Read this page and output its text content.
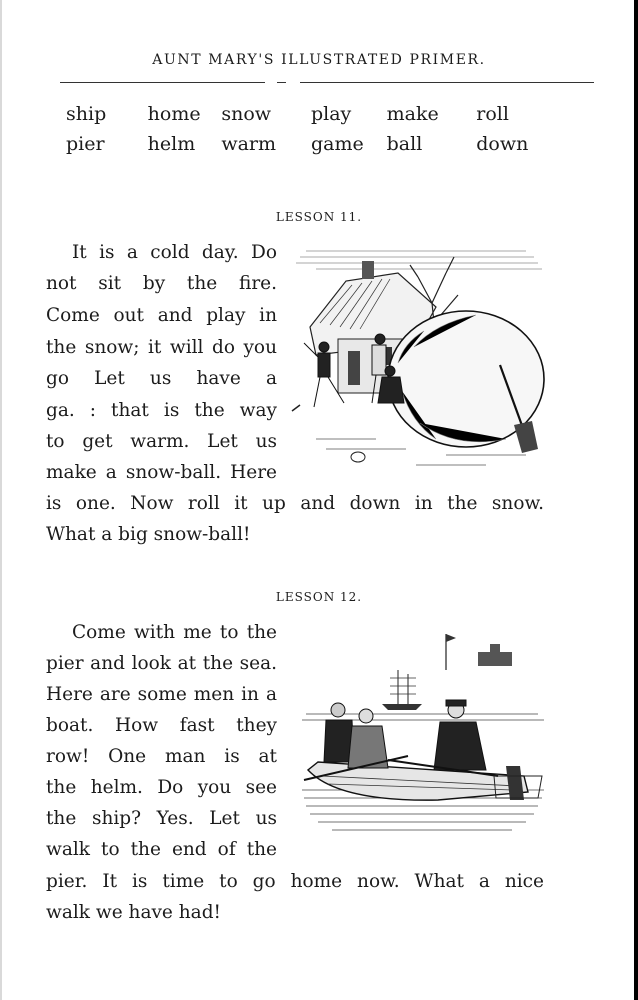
AUNT MARY'S ILLUSTRATED PRIMER.
ship	home	snow	play	make	roll
pier	helm	warm	game	ball	down
LESSON 11.
It is a cold day. Do
not sit by the fire.
Come out and play in
the snow; it will do you
go Let us have a
ga. : that is the way
to get warm. Let us
make a snow-ball. Here
is one. Now roll it up and down in the snow.
What a big snow-ball!
LESSON 12.
Come with me to the
pier and look at the sea.
Here are some men in a
boat. How fast they
row! One man is at
the helm. Do you see
the ship? Yes. Let us
walk to the end of the
pier. It is time to go home now. What a nice
walk we have had!
